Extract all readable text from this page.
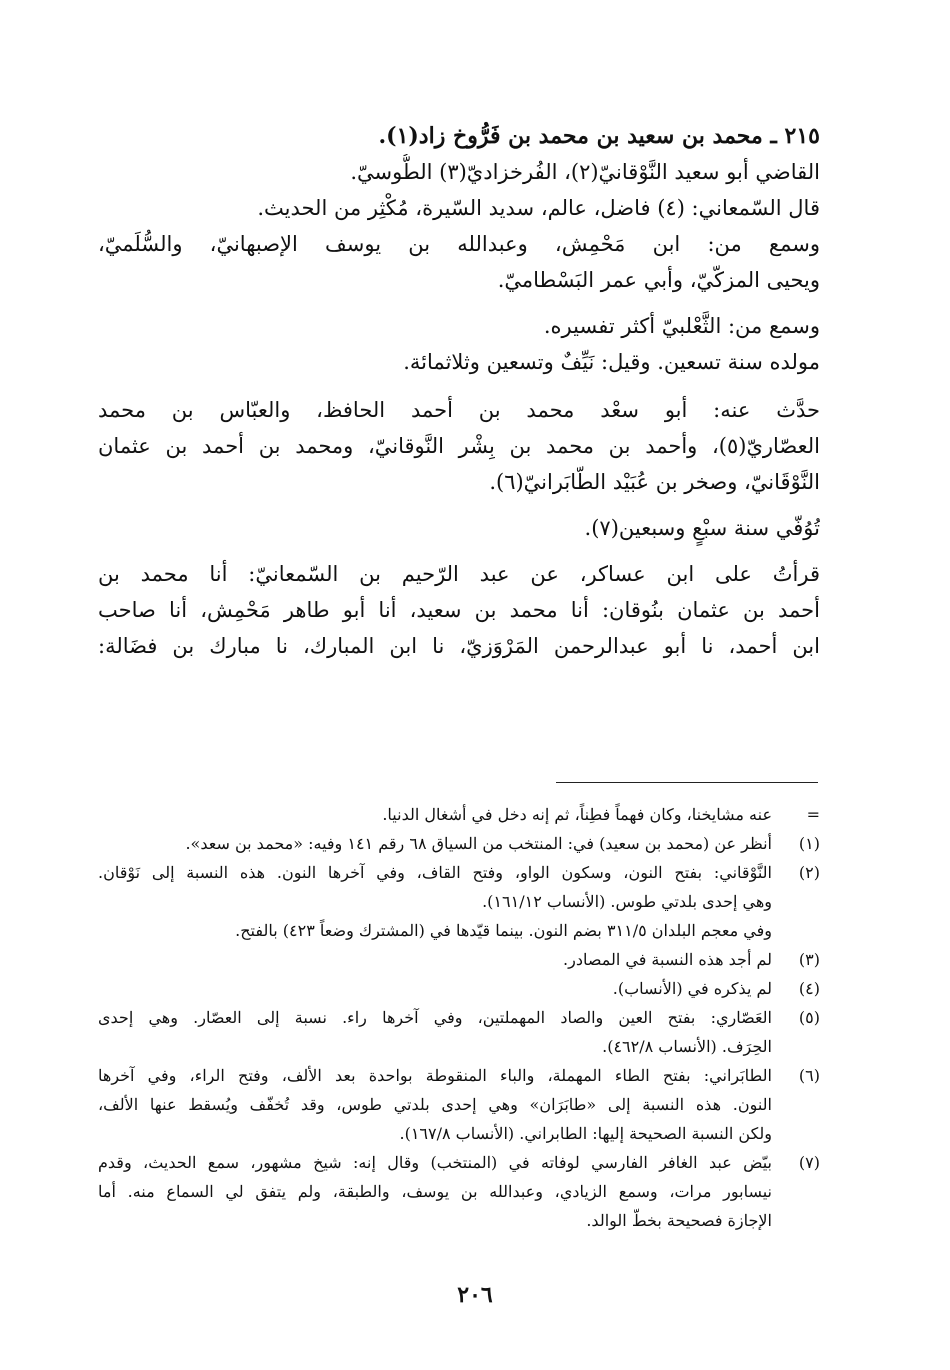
٢١٥ ـ محمد بن سعيد بن محمد بن فَرُّوخ زاد(١).
القاضي أبو سعيد النَّوْقانيّ(٢)، الفُرخزاديّ(٣) الطُّوسيّ.
قال السّمعاني: (٤) فاضل، عالم، سديد السّيرة، مُكْثِر من الحديث.
وسمع من: ابن مَحْمِش، وعبدالله بن يوسف الإصبهانيّ، والسُّلَميّ،
ويحيى المزكّيّ، وأبي عمر البَسْطاميّ.
وسمع من: الثَّعْلبيّ أكثر تفسيره.
مولده سنة تسعين. وقيل: نَيِّفٌ وتسعين وثلاثمائة.
حدَّث عنه: أبو سعْد محمد بن أحمد الحافظ، والعبّاس بن محمد
العصّاريّ(٥)، وأحمد بن محمد بن بِشْر النَّوقانيّ، ومحمد بن أحمد بن عثمان
النَّوْقَانيّ، وصخر بن عُبَيْد الطّابَرانيّ(٦).
تُوُفّي سنة سبْعٍ وسبعين(٧).
قرأتُ على ابن عساكر، عن عبد الرّحيم بن السّمعانيّ: أنا محمد بن
أحمد بن عثمان بنُوقان: أنا محمد بن سعيد، أنا أبو طاهر مَحْمِش، أنا صاحب
ابن أحمد، نا أبو عبدالرحمن المَرْوَزيّ، نا ابن المبارك، نا مبارك بن فضَالة:
=
عنه مشايخنا، وكان فهماً فطِناً، ثم إنه دخل في أشغال الدنيا.
(١)
أنظر عن (محمد بن سعيد) في: المنتخب من السياق ٦٨ رقم ١٤١ وفيه: «محمد بن سعد».
(٢)
النَّوْقاني: بفتح النون، وسكون الواو، وفتح القاف، وفي آخرها النون. هذه النسبة إلى نَوْقان.
وهي إحدى بلدتي طوس. (الأنساب ١٦١/١٢).
وفي معجم البلدان ٣١١/٥ بضم النون. بينما قيّدها في (المشترك وضعاً ٤٢٣) بالفتح.
(٣)
لم أجد هذه النسبة في المصادر.
(٤)
لم يذكره في (الأنساب).
(٥)
العَصّاري: بفتح العين والصاد المهملتين، وفي آخرها راء. نسبة إلى العصّار. وهي إحدى
الحِرَف. (الأنساب ٤٦٢/٨).
(٦)
الطابَراني: بفتح الطاء المهملة، والباء المنقوطة بواحدة بعد الألف، وفتح الراء، وفي آخرها
النون. هذه النسبة إلى «طابَرَان» وهي إحدى بلدتي طوس، وقد تُخفّف ويُسقط عنها الألف،
ولكن النسبة الصحيحة إليها: الطابراني. (الأنساب ١٦٧/٨).
(٧)
بيّض عبد الغافر الفارسي لوفاته في (المنتخب) وقال إنه: شيخ مشهور، سمع الحديث، وقدم
نيسابور مرات، وسمع الزيادي، وعبدالله بن يوسف، والطبقة، ولم يتفق لي السماع منه. أما
الإجازة فصحيحة بخطّ الوالد.
٢٠٦
